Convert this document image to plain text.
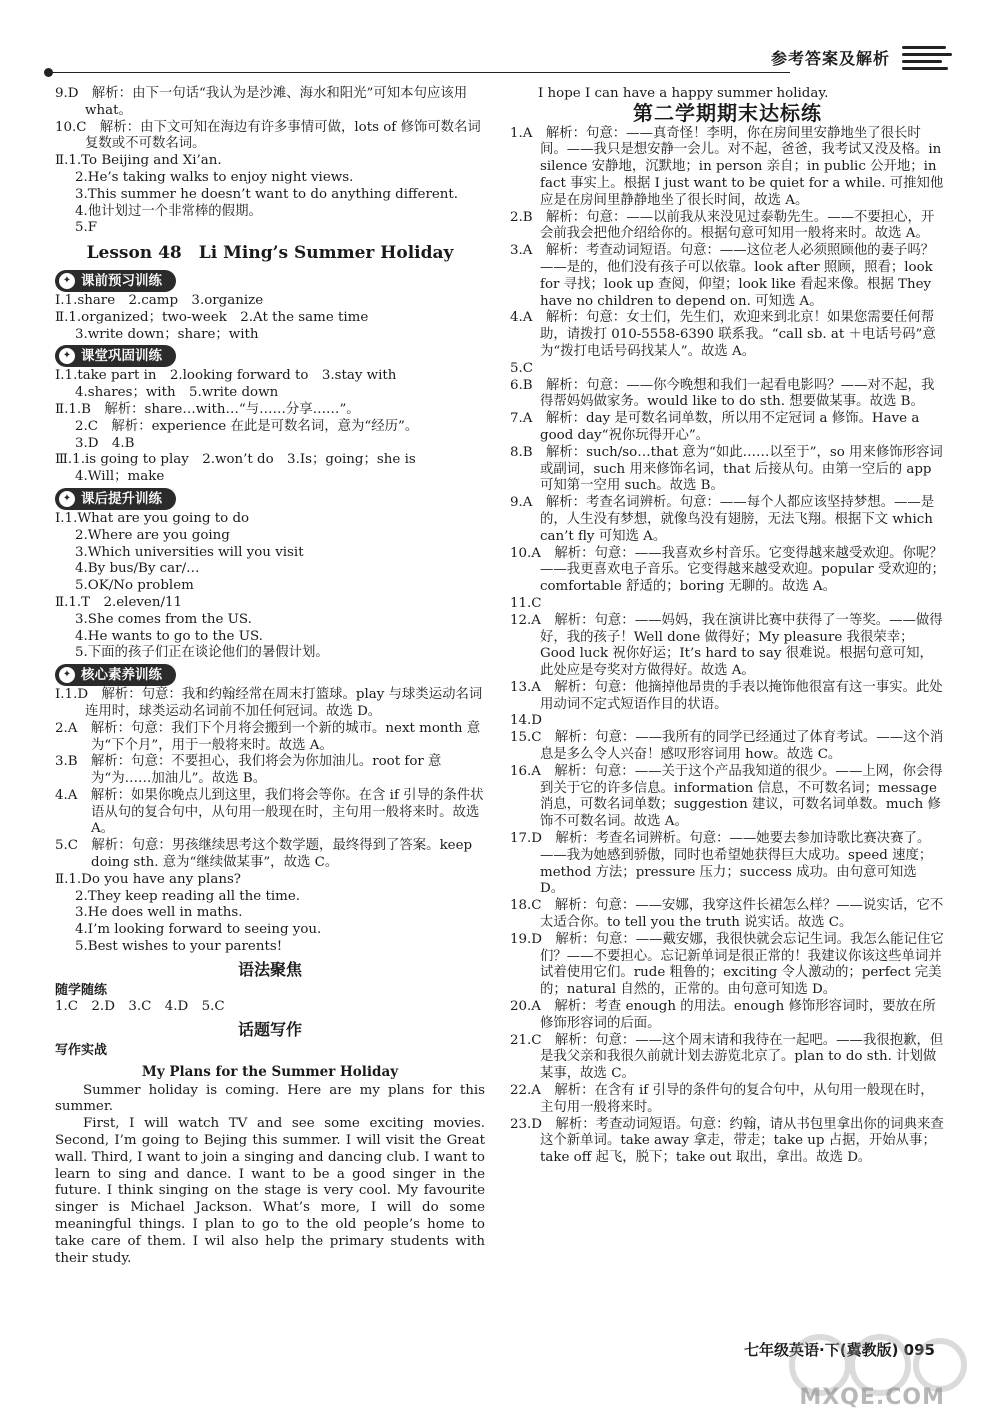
参考答案及解析

9.D　解析：由下一句话“我认为是沙滩、海水和阳光”可知本句应该用 what。

10.C　解析：由下文可知在海边有许多事情可做，lots of 修饰可数名词复数或不可数名词。

Ⅱ.1.To Beijing and Xi’an.

2.He’s taking walks to enjoy night views.

3.This summer he doesn’t want to do anything different.

4.他计划过一个非常棒的假期。

5.F

Lesson 48　Li Ming’s Summer Holiday

✦ 课前预习训练

Ⅰ.1.share　2.camp　3.organize

Ⅱ.1.organized；two-week　2.At the same time

3.write down；share；with

✦ 课堂巩固训练

Ⅰ.1.take part in　2.looking forward to　3.stay with

4.shares；with　5.write down

Ⅱ.1.B　解析：share…with…“与……分享……”。

2.C　解析：experience 在此是可数名词，意为“经历”。

3.D　4.B

Ⅲ.1.is going to play　2.won’t do　3.Is；going；she is

4.Will；make

✦ 课后提升训练

Ⅰ.1.What are you going to do

2.Where are you going

3.Which universities will you visit

4.By bus/By car/…

5.OK/No problem

Ⅱ.1.T　2.eleven/11

3.She comes from the US.

4.He wants to go to the US.

5.下面的孩子们正在谈论他们的暑假计划。

✦ 核心素养训练

Ⅰ.1.D　解析：句意：我和约翰经常在周末打篮球。play 与球类运动名词连用时，球类运动名词前不加任何冠词。故选 D。

2.A　解析：句意：我们下个月将会搬到一个新的城市。next month 意为“下个月”，用于一般将来时。故选 A。

3.B　解析：句意：不要担心，我们将会为你加油儿。root for 意为“为……加油儿”。故选 B。

4.A　解析：如果你晚点儿到这里，我们将会等你。在含 if 引导的条件状语从句的复合句中，从句用一般现在时，主句用一般将来时。故选 A。

5.C　解析：句意：男孩继续思考这个数学题，最终得到了答案。keep doing sth. 意为“继续做某事”，故选 C。

Ⅱ.1.Do you have any plans?

2.They keep reading all the time.

3.He does well in maths.

4.I’m looking forward to seeing you.

5.Best wishes to your parents!

语法聚焦

随学随练

1.C　2.D　3.C　4.D　5.C

话题写作

写作实战

My Plans for the Summer Holiday

Summer holiday is coming. Here are my plans for this summer.

First, I will watch TV and see some exciting movies. Second, I’m going to Bejing this summer. I will visit the Great wall. Third, I want to join a singing and dancing club. I want to learn to sing and dance. I want to be a good singer in the future. I think singing on the stage is very cool. My favourite singer is Michael Jackson. What’s more, I will do some meaningful things. I plan to go to the old people’s home to take care of them. I wil also help the primary students with their study.

I hope I can have a happy summer holiday.

第二学期期末达标练

1.A　解析：句意：——真奇怪！李明，你在房间里安静地坐了很长时间。——我只是想安静一会儿。对不起，爸爸，我考试又没及格。in silence 安静地，沉默地；in person 亲自；in public 公开地；in fact 事实上。根据 I just want to be quiet for a while. 可推知他应是在房间里静静地坐了很长时间，故选 A。

2.B　解析：句意：——以前我从来没见过泰勒先生。——不要担心，开会前我会把他介绍给你的。根据句意可知用一般将来时。故选 A。

3.A　解析：考查动词短语。句意：——这位老人必须照顾他的妻子吗？——是的，他们没有孩子可以依靠。look after 照顾，照看；look for 寻找；look up 查阅，仰望；look like 看起来像。根据 They have no children to depend on. 可知选 A。

4.A　解析：句意：女士们，先生们，欢迎来到北京！如果您需要任何帮助，请拨打 010-5558-6390 联系我。“call sb. at ＋电话号码”意为“拨打电话号码找某人”。故选 A。

5.C

6.B　解析：句意：——你今晚想和我们一起看电影吗？——对不起，我得帮妈妈做家务。would like to do sth. 想要做某事。故选 B。

7.A　解析：day 是可数名词单数，所以用不定冠词 a 修饰。Have a good day“祝你玩得开心”。

8.B　解析：such/so…that 意为“如此……以至于”，so 用来修饰形容词或副词，such 用来修饰名词，that 后接从句。由第一空后的 app 可知第一空用 such。故选 B。

9.A　解析：考查名词辨析。句意：——每个人都应该坚持梦想。——是的，人生没有梦想，就像鸟没有翅膀，无法飞翔。根据下文 which can’t fly 可知选 A。

10.A　解析：句意：——我喜欢乡村音乐。它变得越来越受欢迎。你呢？——我更喜欢电子音乐。它变得越来越受欢迎。popular 受欢迎的；comfortable 舒适的；boring 无聊的。故选 A。

11.C

12.A　解析：句意：——妈妈，我在演讲比赛中获得了一等奖。——做得好，我的孩子！Well done 做得好；My pleasure 我很荣幸；Good luck 祝你好运；It’s hard to say 很难说。根据句意可知，此处应是夸奖对方做得好。故选 A。

13.A　解析：句意：他摘掉他昂贵的手表以掩饰他很富有这一事实。此处用动词不定式短语作目的状语。

14.D

15.C　解析：句意：——我所有的同学已经通过了体育考试。——这个消息是多么令人兴奋！感叹形容词用 how。故选 C。

16.A　解析：句意：——关于这个产品我知道的很少。——上网，你会得到关于它的许多信息。information 信息，不可数名词；message 消息，可数名词单数；suggestion 建议，可数名词单数。much 修饰不可数名词。故选 A。

17.D　解析：考查名词辨析。句意：——她要去参加诗歌比赛决赛了。——我为她感到骄傲，同时也希望她获得巨大成功。speed 速度；method 方法；pressure 压力；success 成功。由句意可知选 D。

18.C　解析：句意：——安娜，我穿这件长裙怎么样？——说实话，它不太适合你。to tell you the truth 说实话。故选 C。

19.D　解析：句意：——戴安娜，我很快就会忘记生词。我怎么能记住它们？——不要担心。忘记新单词是很正常的！我建议你该这些单词并试着使用它们。rude 粗鲁的；exciting 令人激动的；perfect 完美的；natural 自然的，正常的。由句意可知选 D。

20.A　解析：考查 enough 的用法。enough 修饰形容词时，要放在所修饰形容词的后面。

21.C　解析：句意：——这个周末请和我待在一起吧。——我很抱歉，但是我父亲和我很久前就计划去游览北京了。plan to do sth. 计划做某事，故选 C。

22.A　解析：在含有 if 引导的条件句的复合句中，从句用一般现在时，主句用一般将来时。

23.D　解析：考查动词短语。句意：约翰，请从书包里拿出你的词典来查这个新单词。take away 拿走，带走；take up 占据，开始从事；take off 起飞，脱下；take out 取出，拿出。故选 D。

七年级英语·下(冀教版) 095
MXQE.COM
